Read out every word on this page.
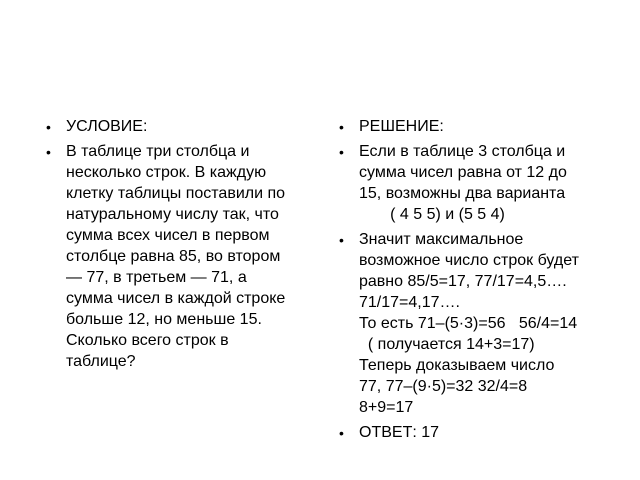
• УСЛОВИЕ:
• В таблице три столбца и
несколько строк. В каждую
клетку таблицы поставили по
натуральному числу так, что
сумма всех чисел в первом
столбце равна 85, во втором
— 77, в третьем — 71, а
сумма чисел в каждой строке
больше 12, но меньше 15.
Сколько всего строк в
таблице?
• РЕШЕНИЕ:
• Если в таблице 3 столбца и
сумма чисел равна от 12 до
15, возможны два варианта
( 4 5 5) и (5 5 4)
• Значит максимальное
возможное число строк будет
равно 85/5=17, 77/17=4,5….
71/17=4,17….
То есть 71–(5·3)=56   56/4=14
( получается 14+3=17)
Теперь доказываем число
77, 77–(9·5)=32 32/4=8
8+9=17
• ОТВЕТ: 17
